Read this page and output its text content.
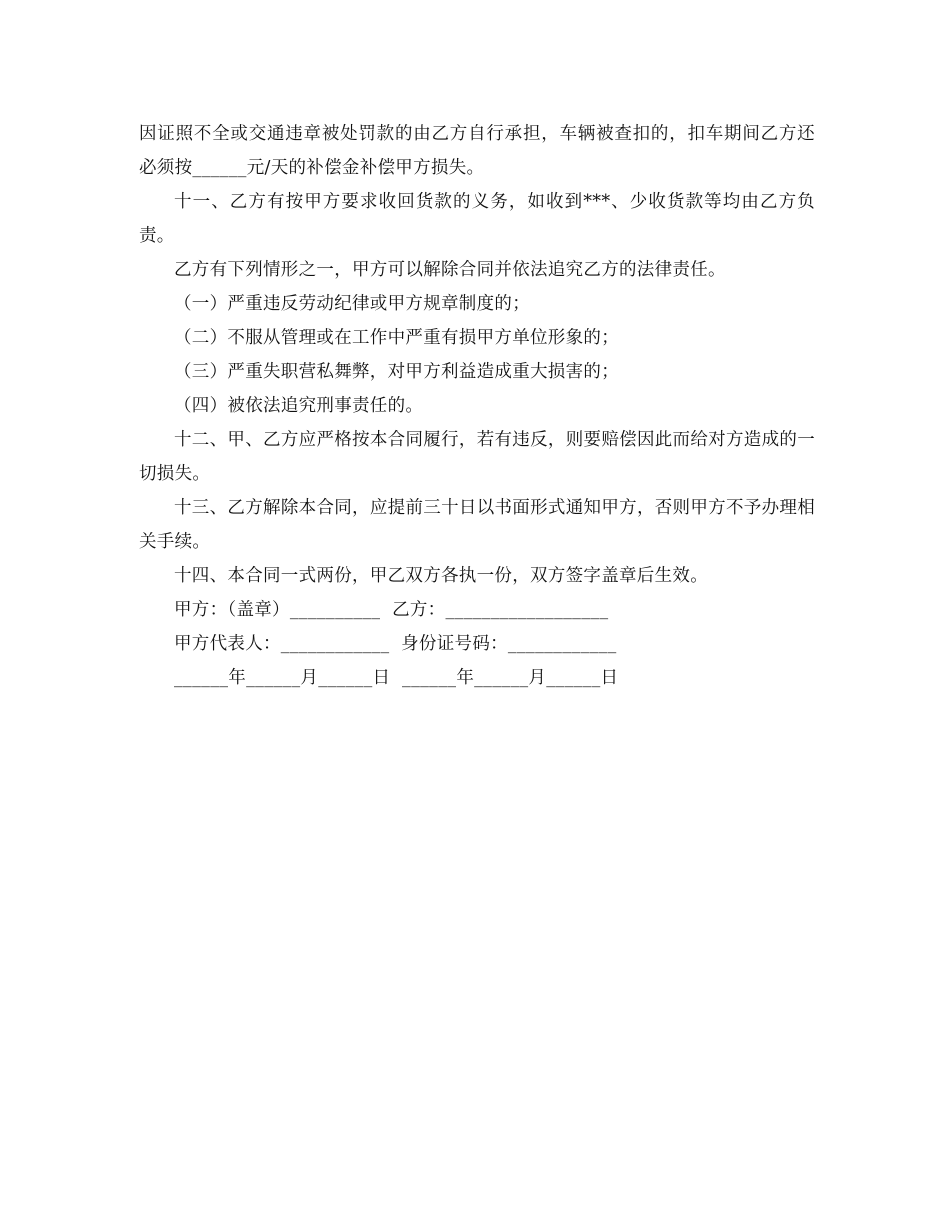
因证照不全或交通违章被处罚款的由乙方自行承担，车辆被查扣的，扣车期间乙方还必须按______元/天的补偿金补偿甲方损失。

十一、乙方有按甲方要求收回货款的义务，如收到***、少收货款等均由乙方负责。

乙方有下列情形之一，甲方可以解除合同并依法追究乙方的法律责任。

（一）严重违反劳动纪律或甲方规章制度的；

（二）不服从管理或在工作中严重有损甲方单位形象的；

（三）严重失职营私舞弊，对甲方利益造成重大损害的；

（四）被依法追究刑事责任的。

十二、甲、乙方应严格按本合同履行，若有违反，则要赔偿因此而给对方造成的一切损失。

十三、乙方解除本合同，应提前三十日以书面形式通知甲方，否则甲方不予办理相关手续。

十四、本合同一式两份，甲乙双方各执一份，双方签字盖章后生效。

甲方：（盖章）__________  乙方：__________________

甲方代表人：____________  身份证号码：____________

______年______月______日  ______年______月______日
